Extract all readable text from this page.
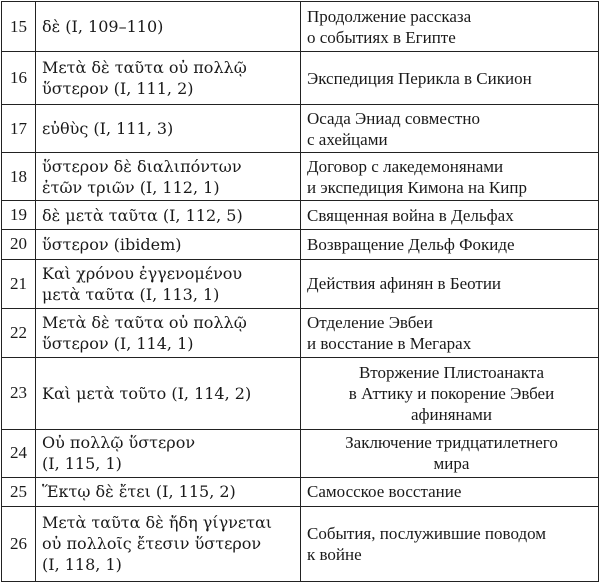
15	δὲ (I, 109–110)	Продолжение рассказа
о событиях в Египте

16	Μετὰ δὲ ταῦτα οὐ πολλῷ
ὕστερον (I, 111, 2)	Экспедиция Перикла в Сикион

17	εὐθὺς (I, 111, 3)	Осада Эниад совместно
с ахейцами

18	ὕστερον δὲ διαλιπόντων
ἐτῶν τριῶν (I, 112, 1)	Договор с лакедемонянами
и экспедиция Кимона на Кипр

19	δὲ μετὰ ταῦτα (I, 112, 5)	Священная война в Дельфах

20	ὕστερον (ibidem)	Возвращение Дельф Фокиде

21	Καὶ χρόνου ἐγγενομένου
μετὰ ταῦτα (I, 113, 1)	Действия афинян в Беотии

22	Μετὰ δὲ ταῦτα οὐ πολλῷ
ὕστερον (I, 114, 1)	Отделение Эвбеи
и восстание в Мегарах

23	Καὶ μετὰ τοῦτο (I, 114, 2)	Вторжение Плистоанакта
в Аттику и покорение Эвбеи
афинянами

24	Οὐ πολλῷ ὕστερον
(I, 115, 1)	Заключение тридцатилетнего
мира

25	Ἕκτῳ δὲ ἔτει (I, 115, 2)	Самосское восстание

26	Μετὰ ταῦτα δὲ ἤδη γίγνεται
οὐ πολλοῖς ἔτεσιν ὕστερον
(I, 118, 1)	События, послужившие поводом
к войне
